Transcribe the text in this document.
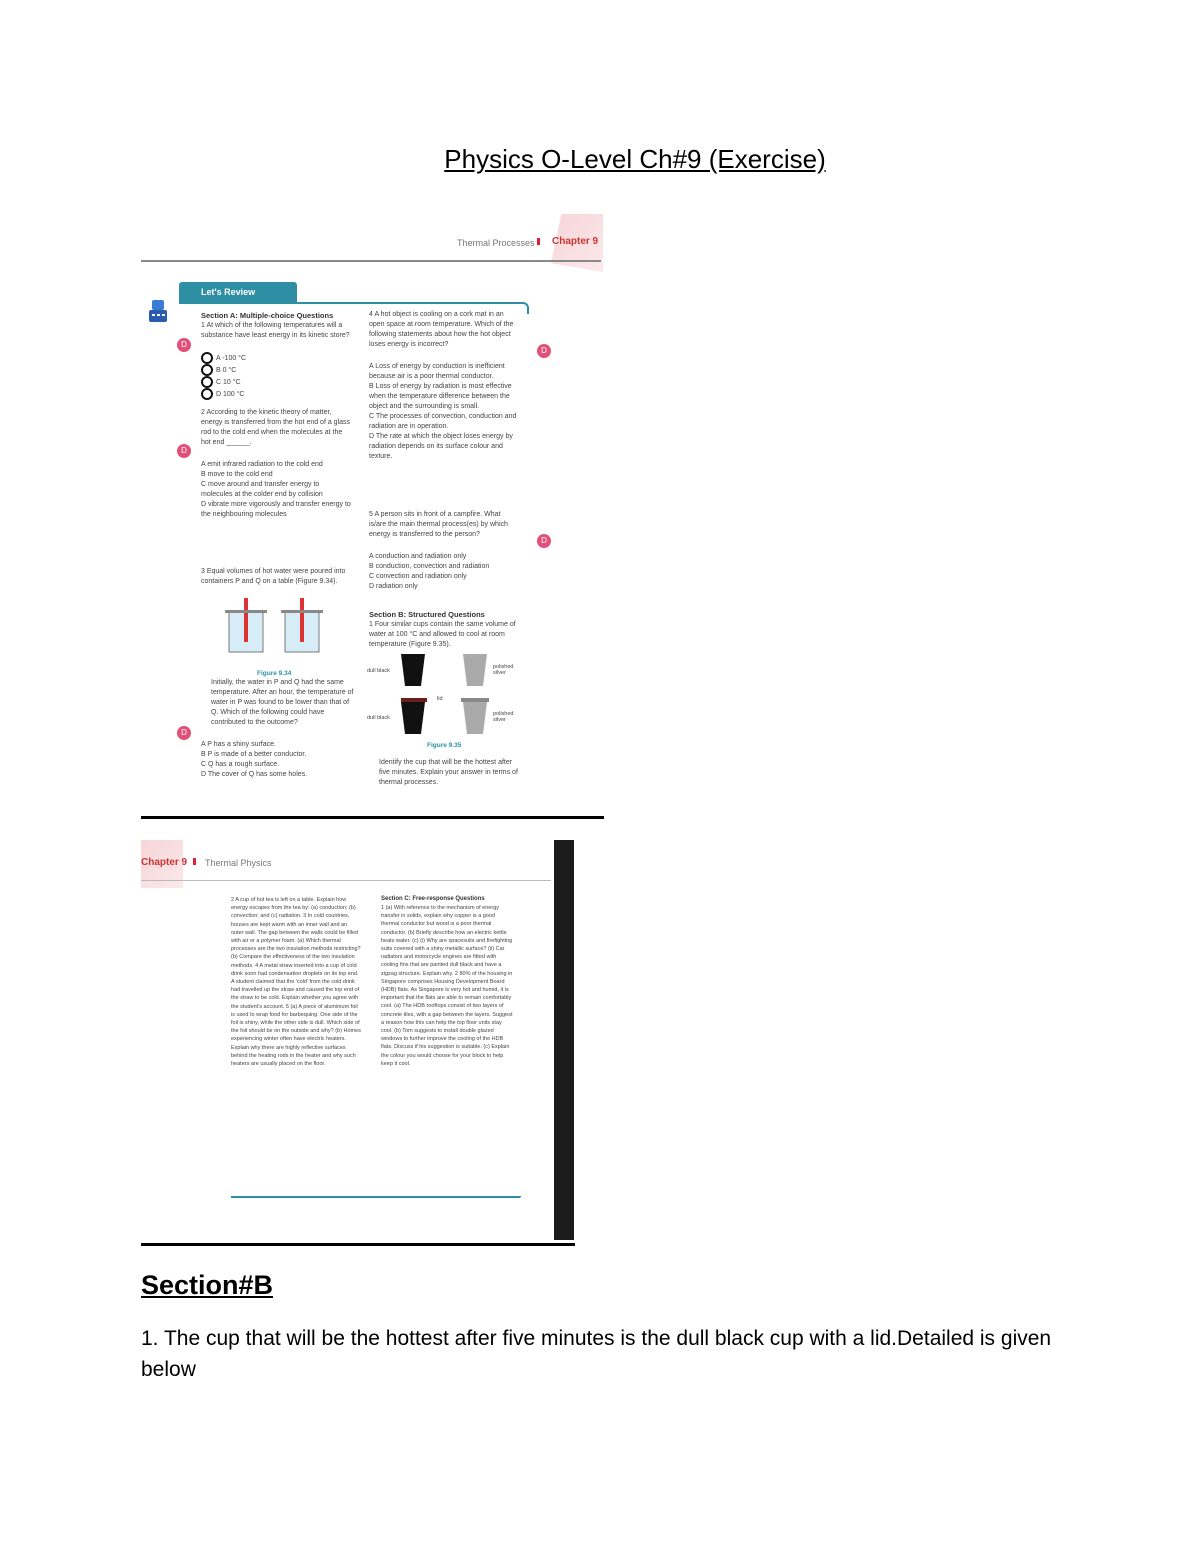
Physics O-Level Ch#9 (Exercise)
Thermal Processes Chapter 9
Let's Review
Section A: Multiple-choice Questions
D
1 At which of the following temperatures will a substance have least energy in its kinetic store?
A -100 °C
B 0 °C
C 10 °C
D 100 °C
2 According to the kinetic theory of matter, energy is transferred from the hot end of a glass rod to the cold end when the molecules at the hot end ______.
D
A emit infrared radiation to the cold end
B move to the cold end
C move around and transfer energy to molecules at the colder end by collision
D vibrate more vigorously and transfer energy to the neighbouring molecules
3 Equal volumes of hot water were poured into containers P and Q on a table (Figure 9.34).
Figure 9.34
Initially, the water in P and Q had the same temperature. After an hour, the temperature of water in P was found to be lower than that of Q. Which of the following could have contributed to the outcome?
D
A P has a shiny surface.
B P is made of a better conductor.
C Q has a rough surface.
D The cover of Q has some holes.
4 A hot object is cooling on a cork mat in an open space at room temperature. Which of the following statements about how the hot object loses energy is incorrect?
D
A Loss of energy by conduction is inefficient because air is a poor thermal conductor.
B Loss of energy by radiation is most effective when the temperature difference between the object and the surrounding is small.
C The processes of convection, conduction and radiation are in operation.
D The rate at which the object loses energy by radiation depends on its surface colour and texture.
5 A person sits in front of a campfire. What is/are the main thermal process(es) by which energy is transferred to the person?
D
A conduction and radiation only
B conduction, convection and radiation
C convection and radiation only
D radiation only
Section B: Structured Questions
1 Four similar cups contain the same volume of water at 100 °C and allowed to cool at room temperature (Figure 9.35).
dull black
polished silver
lid
dull black
polished silver
Figure 9.35
Identify the cup that will be the hottest after five minutes. Explain your answer in terms of thermal processes.
Chapter 9 Thermal Physics
2 A cup of hot tea is left on a table. Explain how energy escapes from the tea by: (a) conduction; (b) convection; and (c) radiation. 3 In cold countries, houses are kept warm with an inner wall and an outer wall. The gap between the walls could be filled with air or a polymer foam. (a) Which thermal processes are the two insulation methods restricting? (b) Compare the effectiveness of the two insulation methods. 4 A metal straw inserted into a cup of cold drink soon had condensation droplets on its top end. A student claimed that the 'cold' from the cold drink had travelled up the straw and caused the top end of the straw to be cold. Explain whether you agree with the student's account. 5 (a) A piece of aluminium foil is used to wrap food for barbequing. One side of the foil is shiny, while the other side is dull. Which side of the foil should be on the outside and why? (b) Homes experiencing winter often have electric heaters. Explain why there are highly reflective surfaces behind the heating rods in the heater and why such heaters are usually placed on the floor.
Section C: Free-response Questions
1 (a) With reference to the mechanism of energy transfer in solids, explain why copper is a good thermal conductor but wood is a poor thermal conductor. (b) Briefly describe how an electric kettle heats water. (c) (i) Why are spacesuits and firefighting suits covered with a shiny metallic surface? (ii) Car radiators and motorcycle engines are fitted with cooling fins that are painted dull black and have a zigzag structure. Explain why. 2 80% of the housing in Singapore comprises Housing Development Board (HDB) flats. As Singapore is very hot and humid, it is important that the flats are able to remain comfortably cool. (a) The HDB rooftops consist of two layers of concrete tiles, with a gap between the layers. Suggest a reason how this can help the top floor units stay cool. (b) Tom suggests to install double glazed windows to further improve the cooling of the HDB flats. Discuss if his suggestion is suitable. (c) Explain the colour you would choose for your block to help keep it cool.
Section#B
1. The cup that will be the hottest after five minutes is the dull black cup with a lid.Detailed is given below
